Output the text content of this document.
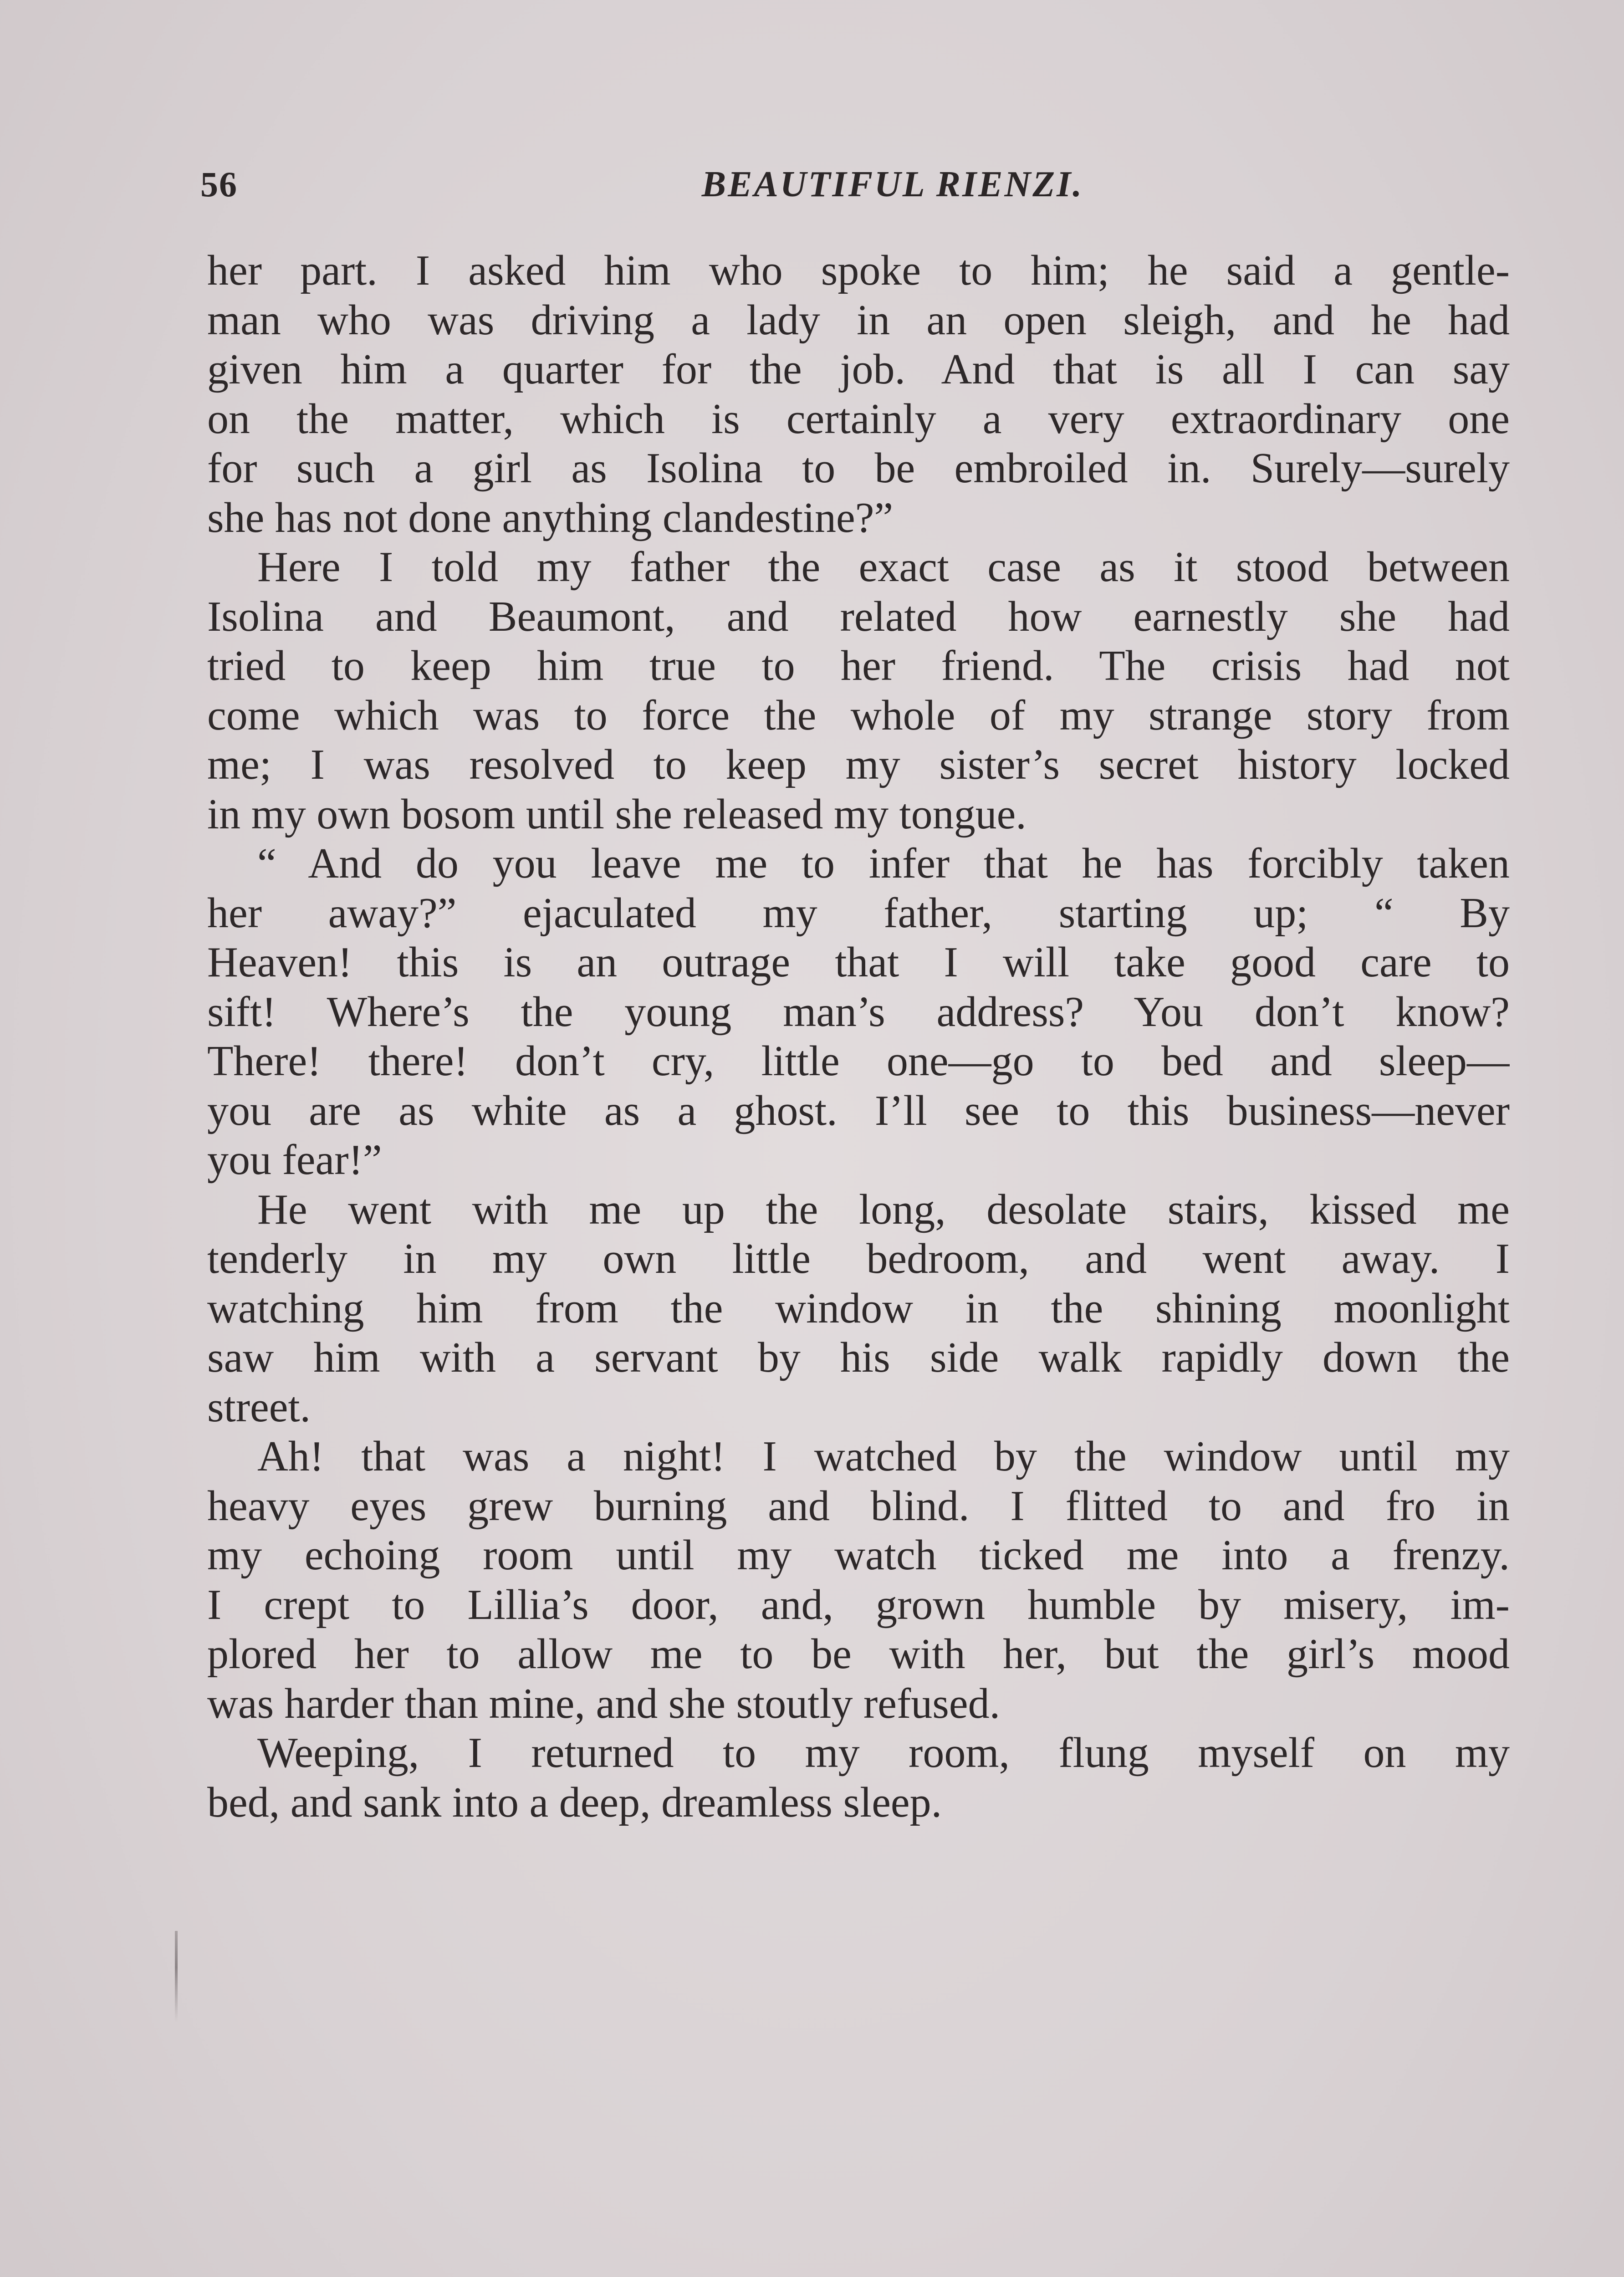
56	BEAUTIFUL RIENZI.
her part. I asked him who spoke to him; he said a gentle-
man who was driving a lady in an open sleigh, and he had
given him a quarter for the job. And that is all I can say
on the matter, which is certainly a very extraordinary one
for such a girl as Isolina to be embroiled in. Surely—surely
she has not done anything clandestine?”
Here I told my father the exact case as it stood between
Isolina and Beaumont, and related how earnestly she had
tried to keep him true to her friend. The crisis had not
come which was to force the whole of my strange story from
me; I was resolved to keep my sister’s secret history locked
in my own bosom until she released my tongue.
“ And do you leave me to infer that he has forcibly taken
her away?” ejaculated my father, starting up; “ By
Heaven! this is an outrage that I will take good care to
sift! Where’s the young man’s address? You don’t know?
There! there! don’t cry, little one—go to bed and sleep—
you are as white as a ghost. I’ll see to this business—never
you fear!”
He went with me up the long, desolate stairs, kissed me
tenderly in my own little bedroom, and went away. I
watching him from the window in the shining moonlight
saw him with a servant by his side walk rapidly down the
street.
Ah! that was a night! I watched by the window until my
heavy eyes grew burning and blind. I flitted to and fro in
my echoing room until my watch ticked me into a frenzy.
I crept to Lillia’s door, and, grown humble by misery, im-
plored her to allow me to be with her, but the girl’s mood
was harder than mine, and she stoutly refused.
Weeping, I returned to my room, flung myself on my
bed, and sank into a deep, dreamless sleep.
